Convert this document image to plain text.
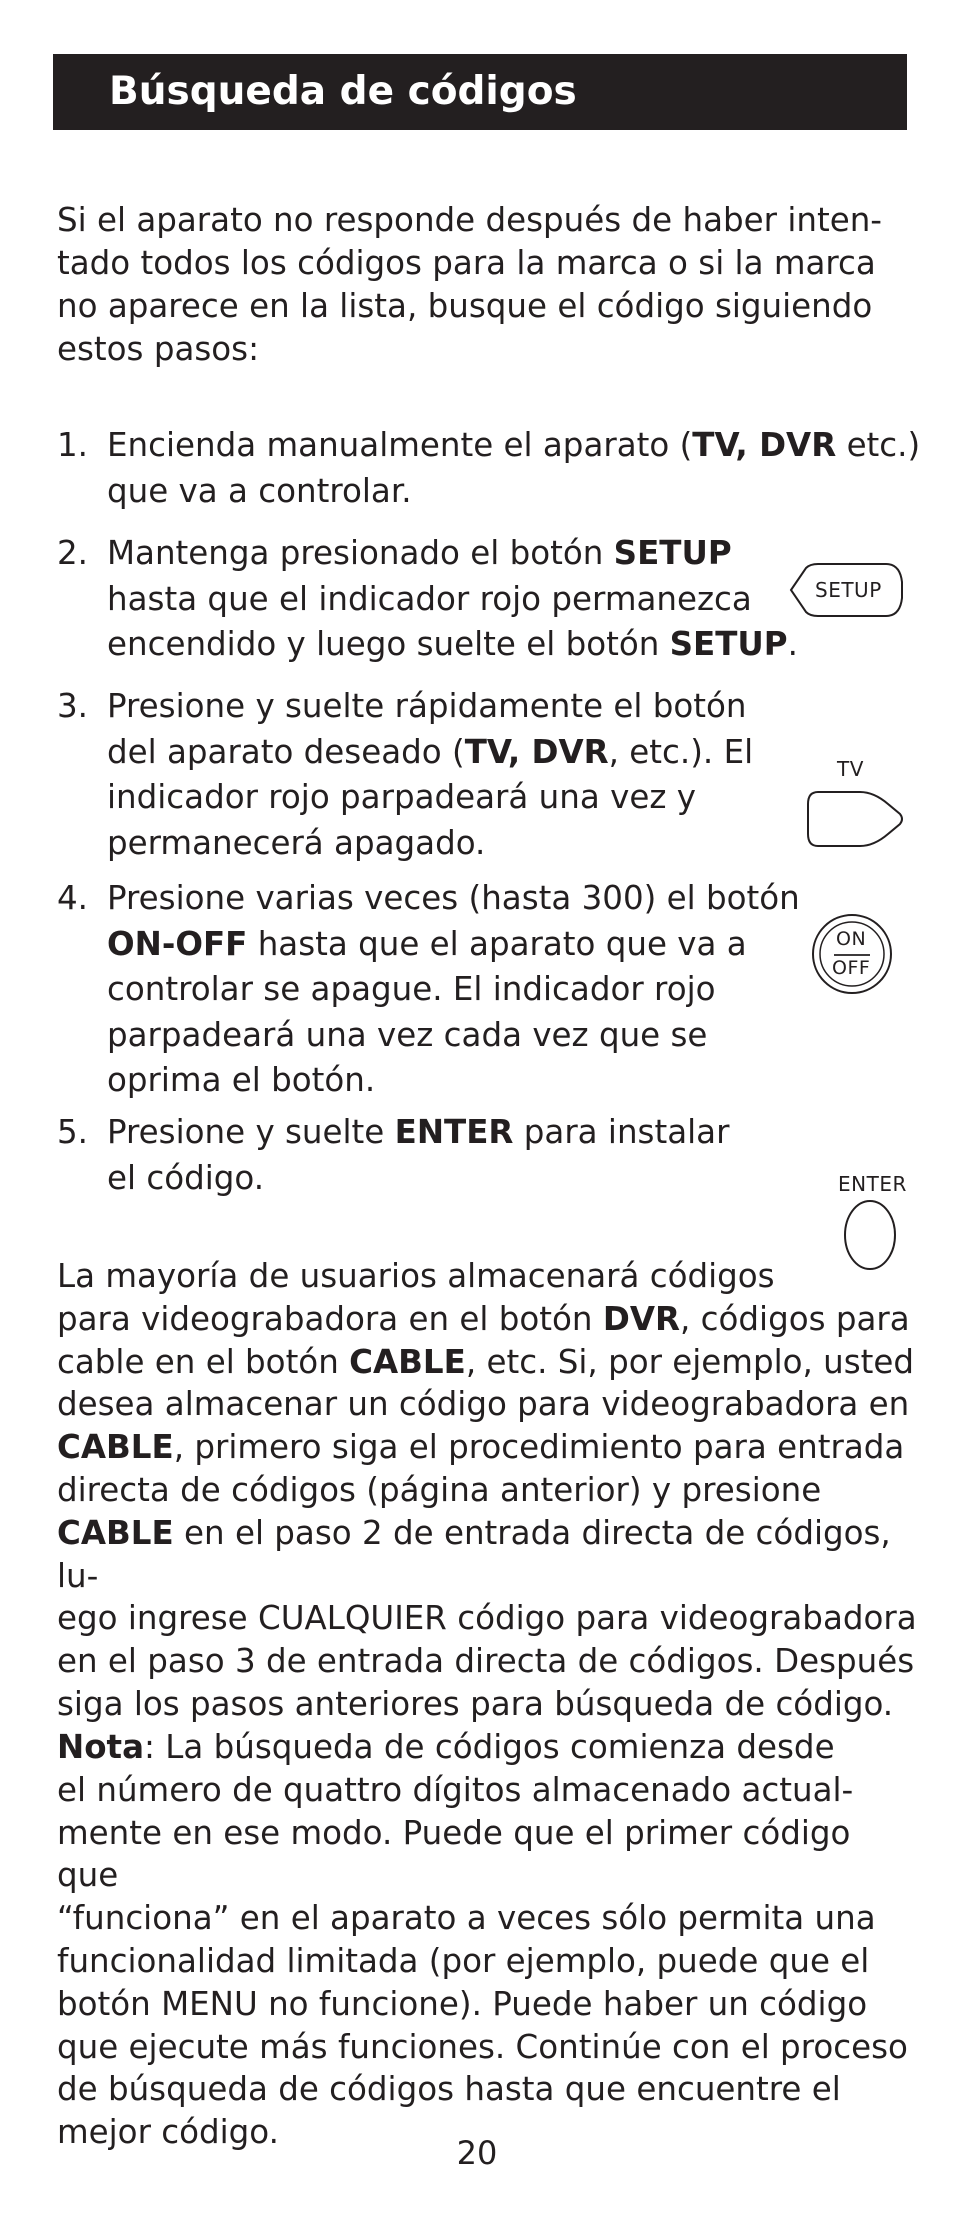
Búsqueda de códigos

Si el aparato no responde después de haber inten-
tado todos los códigos para la marca o si la marca
no aparece en la lista, busque el código siguiendo
estos pasos:

1. Encienda manualmente el aparato (TV, DVR etc.)
que va a controlar.
2. Mantenga presionado el botón SETUP
hasta que el indicador rojo permanezca
encendido y luego suelte el botón SETUP.
3. Presione y suelte rápidamente el botón
del aparato deseado (TV, DVR, etc.). El
indicador rojo parpadeará una vez y
permanecerá apagado.
4. Presione varias veces (hasta 300) el botón
ON-OFF hasta que el aparato que va a
controlar se apague. El indicador rojo
parpadeará una vez cada vez que se
oprima el botón.
5. Presione y suelte ENTER para instalar
el código.
SETUP
TV
ON
OFF
ENTER

La mayoría de usuarios almacenará códigos
para videograbadora en el botón DVR, códigos para
cable en el botón CABLE, etc. Si, por ejemplo, usted
desea almacenar un código para videograbadora en
CABLE, primero siga el procedimiento para entrada
directa de códigos (página anterior) y presione
CABLE en el paso 2 de entrada directa de códigos, lu-
ego ingrese CUALQUIER código para videograbadora
en el paso 3 de entrada directa de códigos. Después
siga los pasos anteriores para búsqueda de código.

Nota: La búsqueda de códigos comienza desde
el número de quattro dígitos almacenado actual-
mente en ese modo. Puede que el primer código que
“funciona” en el aparato a veces sólo permita una
funcionalidad limitada (por ejemplo, puede que el
botón MENU no funcione). Puede haber un código
que ejecute más funciones. Continúe con el proceso
de búsqueda de códigos hasta que encuentre el
mejor código.

20
